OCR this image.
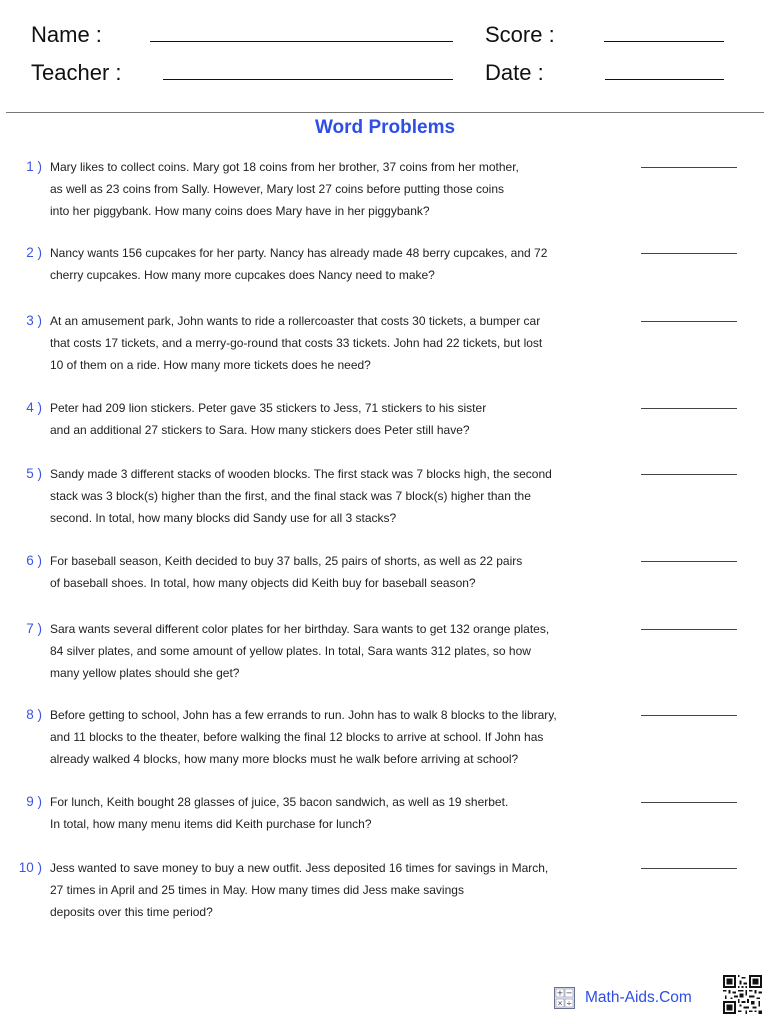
Name :
Teacher :
Score :
Date :
Word Problems
1 ) Mary likes to collect coins. Mary got 18 coins from her brother, 37 coins from her mother,
as well as 23 coins from Sally. However, Mary lost 27 coins before putting those coins
into her piggybank. How many coins does Mary have in her piggybank?
2 ) Nancy wants 156 cupcakes for her party. Nancy has already made 48 berry cupcakes, and 72
cherry cupcakes. How many more cupcakes does Nancy need to make?
3 ) At an amusement park, John wants to ride a rollercoaster that costs 30 tickets, a bumper car
that costs 17 tickets, and a merry-go-round that costs 33 tickets. John had 22 tickets, but lost
10 of them on a ride. How many more tickets does he need?
4 ) Peter had 209 lion stickers. Peter gave 35 stickers to Jess, 71 stickers to his sister
and an additional 27 stickers to Sara. How many stickers does Peter still have?
5 ) Sandy made 3 different stacks of wooden blocks. The first stack was 7 blocks high, the second
stack was 3 block(s) higher than the first, and the final stack was 7 block(s) higher than the
second. In total, how many blocks did Sandy use for all 3 stacks?
6 ) For baseball season, Keith decided to buy 37 balls, 25 pairs of shorts, as well as 22 pairs
of baseball shoes. In total, how many objects did Keith buy for baseball season?
7 ) Sara wants several different color plates for her birthday. Sara wants to get 132 orange plates,
84 silver plates, and some amount of yellow plates. In total, Sara wants 312 plates, so how
many yellow plates should she get?
8 ) Before getting to school, John has a few errands to run. John has to walk 8 blocks to the library,
and 11 blocks to the theater, before walking the final 12 blocks to arrive at school. If John has
already walked 4 blocks, how many more blocks must he walk before arriving at school?
9 ) For lunch, Keith bought 28 glasses of juice, 35 bacon sandwich, as well as 19 sherbet.
In total, how many menu items did Keith purchase for lunch?
10 ) Jess wanted to save money to buy a new outfit. Jess deposited 16 times for savings in March,
27 times in April and 25 times in May. How many times did Jess make savings
deposits over this time period?
+ −
× ÷ Math-Aids.Com
